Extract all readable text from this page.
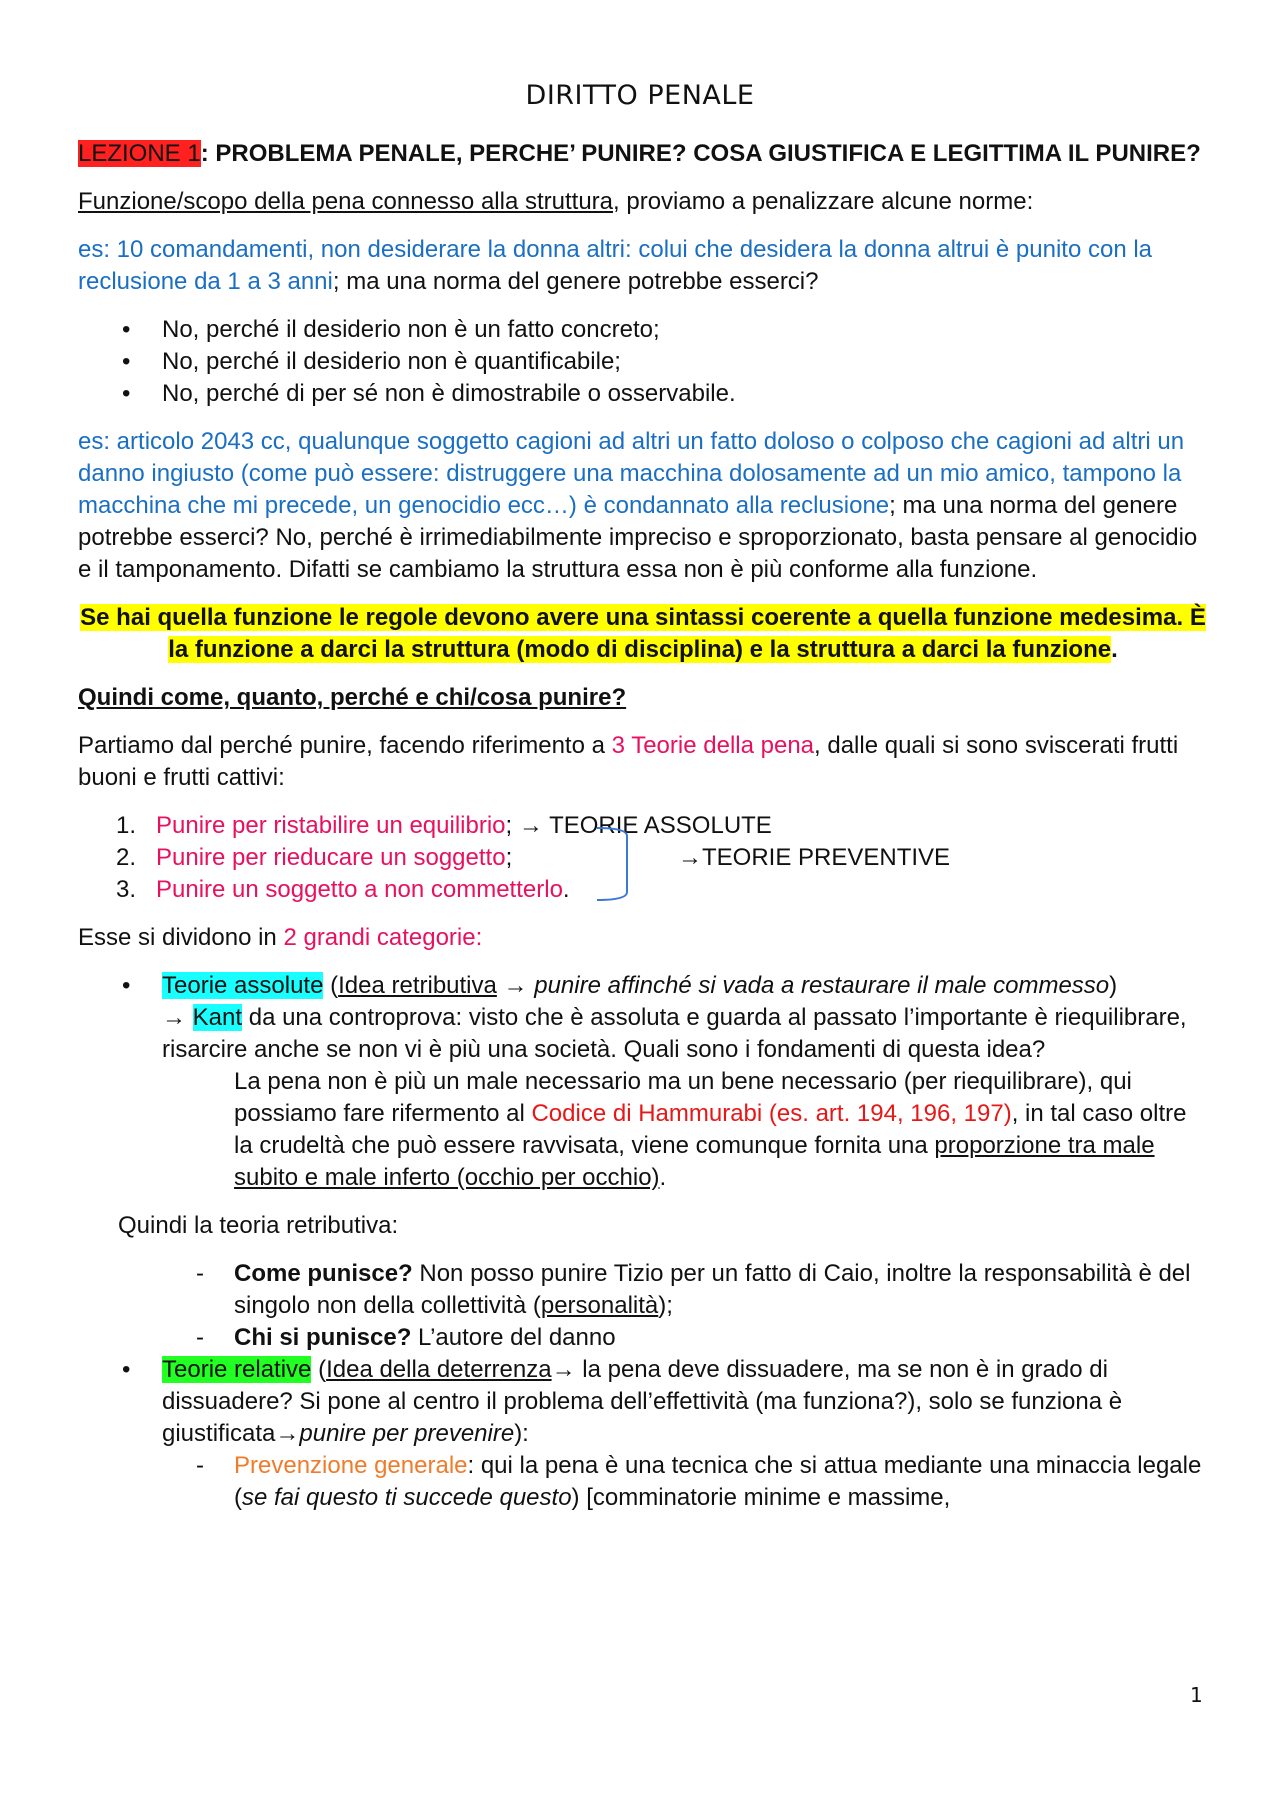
DIRITTO PENALE

LEZIONE 1: PROBLEMA PENALE, PERCHE’ PUNIRE? COSA GIUSTIFICA E LEGITTIMA IL PUNIRE?

Funzione/scopo della pena connesso alla struttura, proviamo a penalizzare alcune norme:

es: 10 comandamenti, non desiderare la donna altri: colui che desidera la donna altrui è punito con la reclusione da 1 a 3 anni; ma una norma del genere potrebbe esserci?

• No, perché il desiderio non è un fatto concreto;
• No, perché il desiderio non è quantificabile;
• No, perché di per sé non è dimostrabile o osservabile.

es: articolo 2043 cc, qualunque soggetto cagioni ad altri un fatto doloso o colposo che cagioni ad altri un danno ingiusto (come può essere: distruggere una macchina dolosamente ad un mio amico, tampono la macchina che mi precede, un genocidio ecc…) è condannato alla reclusione; ma una norma del genere potrebbe esserci? No, perché è irrimediabilmente impreciso e sproporzionato, basta pensare al genocidio e il tamponamento. Difatti se cambiamo la struttura essa non è più conforme alla funzione.

Se hai quella funzione le regole devono avere una sintassi coerente a quella funzione medesima. È la funzione a darci la struttura (modo di disciplina) e la struttura a darci la funzione.

Quindi come, quanto, perché e chi/cosa punire?

Partiamo dal perché punire, facendo riferimento a 3 Teorie della pena, dalle quali si sono sviscerati frutti buoni e frutti cattivi:

1. Punire per ristabilire un equilibrio; → TEORIE ASSOLUTE
2. Punire per rieducare un soggetto;	→TEORIE PREVENTIVE
3. Punire un soggetto a non commetterlo.

Esse si dividono in 2 grandi categorie:

• Teorie assolute (Idea retributiva → punire affinché si vada a restaurare il male commesso)
→ Kant da una controprova: visto che è assoluta e guarda al passato l’importante è riequilibrare, risarcire anche se non vi è più una società. Quali sono i fondamenti di questa idea?

La pena non è più un male necessario ma un bene necessario (per riequilibrare), qui possiamo fare rifermento al Codice di Hammurabi (es. art. 194, 196, 197), in tal caso oltre la crudeltà che può essere ravvisata, viene comunque fornita una proporzione tra male subito e male inferto (occhio per occhio).

Quindi la teoria retributiva:

- Come punisce? Non posso punire Tizio per un fatto di Caio, inoltre la responsabilità è del singolo non della collettività (personalità);
- Chi si punisce? L’autore del danno
• Teorie relative (Idea della deterrenza→ la pena deve dissuadere, ma se non è in grado di dissuadere? Si pone al centro il problema dell’effettività (ma funziona?), solo se funziona è giustificata→punire per prevenire):
- Prevenzione generale: qui la pena è una tecnica che si attua mediante una minaccia legale (se fai questo ti succede questo) [comminatorie minime e massime,
1
